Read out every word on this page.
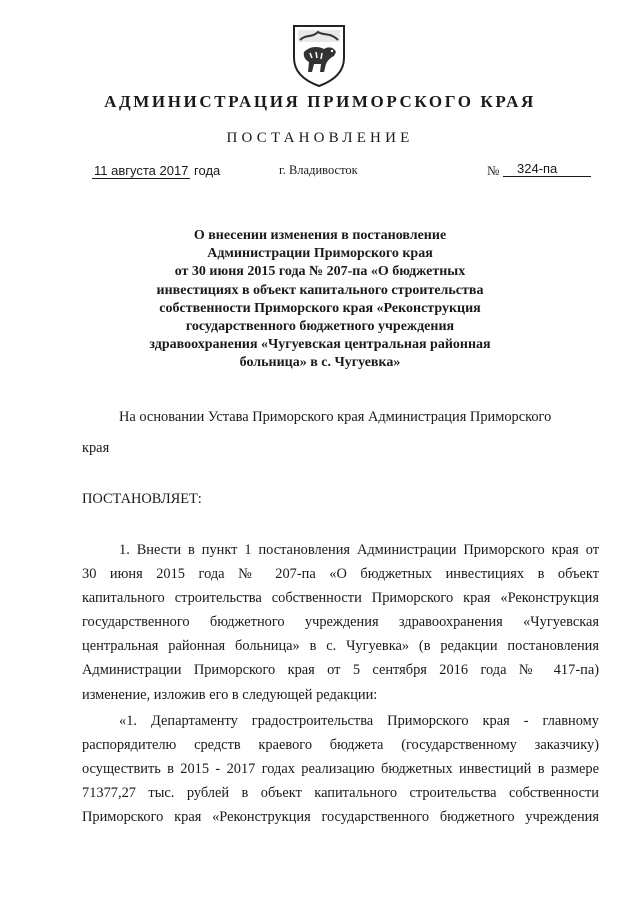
АДМИНИСТРАЦИЯ ПРИМОРСКОГО КРАЯ
ПОСТАНОВЛЕНИЕ
11 августа 2017 года	г. Владивосток	№	324-па
О внесении изменения в постановление
Администрации Приморского края
от 30 июня 2015 года № 207-па «О бюджетных
инвестициях в объект капитального строительства
собственности Приморского края «Реконструкция
государственного бюджетного учреждения
здравоохранения «Чугуевская центральная районная
больница» в с. Чугуевка»
На основании Устава Приморского края Администрация Приморского
края
ПОСТАНОВЛЯЕТ:
1. Внести в пункт 1 постановления Администрации Приморского края от
30 июня 2015 года № 207-па «О бюджетных инвестициях в объект
капитального строительства собственности Приморского края «Реконструкция
государственного бюджетного учреждения здравоохранения «Чугуевская
центральная районная больница» в с. Чугуевка» (в редакции постановления
Администрации Приморского края от 5 сентября 2016 года № 417-па)
изменение, изложив его в следующей редакции:
«1. Департаменту градостроительства Приморского края - главному
распорядителю средств краевого бюджета (государственному заказчику)
осуществить в 2015 - 2017 годах реализацию бюджетных инвестиций в размере
71377,27 тыс. рублей в объект капитального строительства собственности
Приморского края «Реконструкция государственного бюджетного учреждения
